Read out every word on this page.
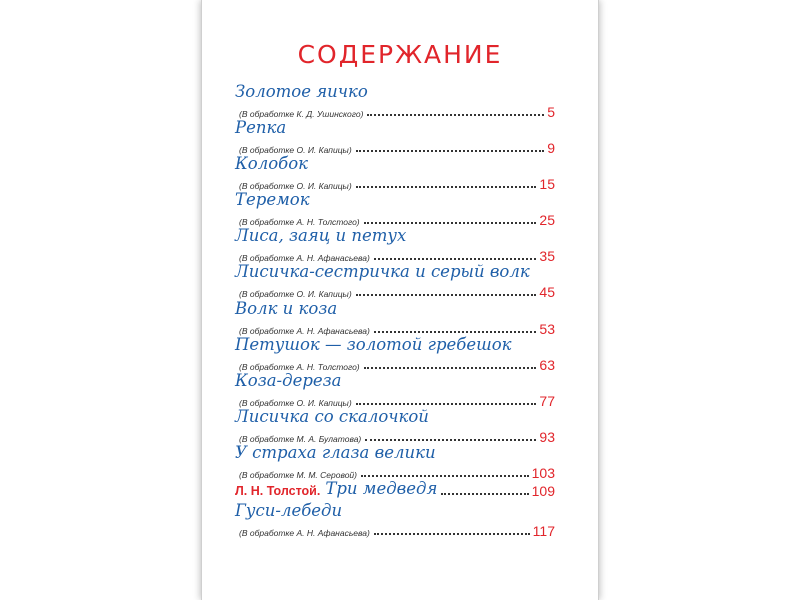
СОДЕРЖАНИЕ
Золотое яичко
(В обработке К. Д. Ушинского)	5
Репка
(В обработке О. И. Капицы)	9
Колобок
(В обработке О. И. Капицы)	15
Теремок
(В обработке А. Н. Толстого)	25
Лиса, заяц и петух
(В обработке А. Н. Афанасьева)	35
Лисичка-сестричка и серый волк
(В обработке О. И. Капицы)	45
Волк и коза
(В обработке А. Н. Афанасьева)	53
Петушок — золотой гребешок
(В обработке А. Н. Толстого)	63
Коза-дереза
(В обработке О. И. Капицы)	77
Лисичка со скалочкой
(В обработке М. А. Булатова)	93
У страха глаза велики
(В обработке М. М. Серовой)	103
Л. Н. Толстой. Три медведя	109
Гуси-лебеди
(В обработке А. Н. Афанасьева)	117
